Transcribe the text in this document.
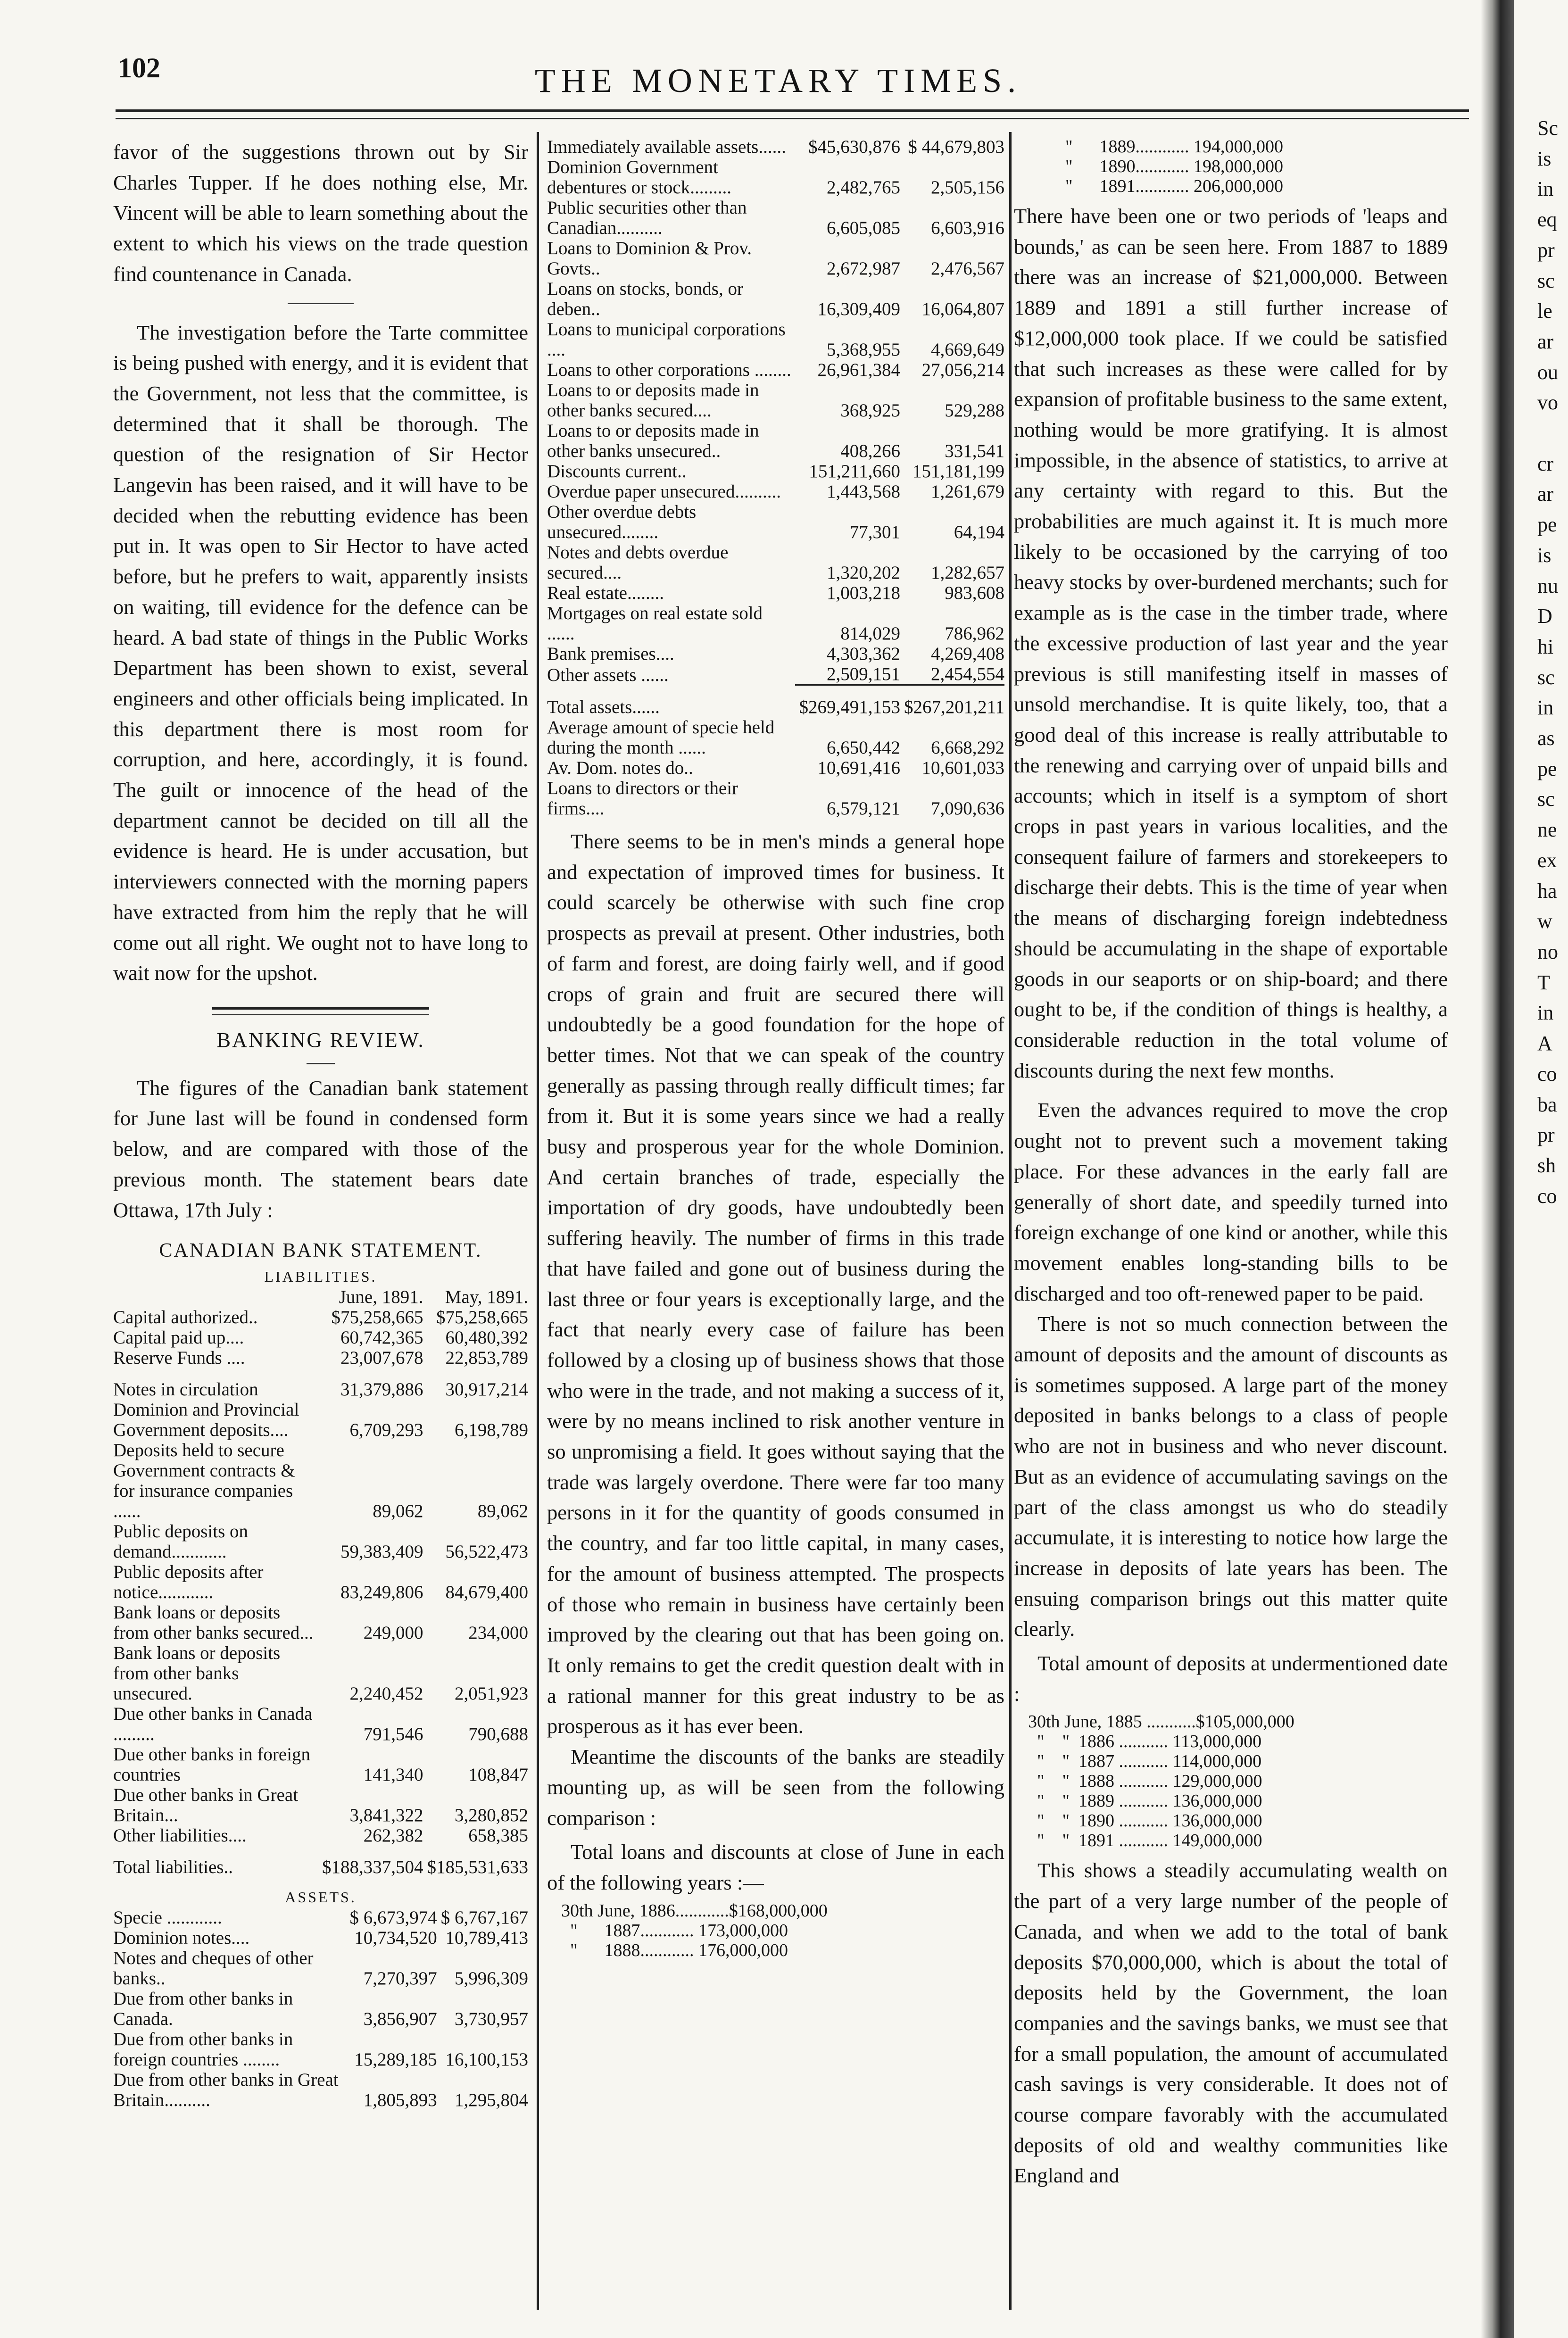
102	THE MONETARY TIMES.

favor of the suggestions thrown out by Sir Charles Tupper. If he does nothing else, Mr. Vincent will be able to learn something about the extent to which his views on the trade question find countenance in Canada.

The investigation before the Tarte committee is being pushed with energy, and it is evident that the Government, not less that the committee, is determined that it shall be thorough. The question of the resignation of Sir Hector Langevin has been raised, and it will have to be decided when the rebutting evidence has been put in. It was open to Sir Hector to have acted before, but he prefers to wait, apparently insists on waiting, till evidence for the defence can be heard. A bad state of things in the Public Works Department has been shown to exist, several engineers and other officials being implicated. In this department there is most room for corruption, and here, accordingly, it is found. The guilt or innocence of the head of the department cannot be decided on till all the evidence is heard. He is under accusation, but interviewers connected with the morning papers have extracted from him the reply that he will come out all right. We ought not to have long to wait now for the upshot.

BANKING REVIEW.

The figures of the Canadian bank statement for June last will be found in condensed form below, and are compared with those of the previous month. The statement bears date Ottawa, 17th July :

CANADIAN BANK STATEMENT.
LIABILITIES.
	June, 1891.	May, 1891.
Capital authorized..	$75,258,665	$75,258,665
Capital paid up....	60,742,365	60,480,392
Reserve Funds ....	23,007,678	22,853,789
Notes in circulation	31,379,886	30,917,214
Dominion and Provincial Government deposits....	6,709,293	6,198,789
Deposits held to secure Government contracts & for insurance companies ......	89,062	89,062
Public deposits on demand............	59,383,409	56,522,473
Public deposits after notice............	83,249,806	84,679,400
Bank loans or deposits from other banks secured...	249,000	234,000
Bank loans or deposits from other banks unsecured.	2,240,452	2,051,923
Due other banks in Canada .........	791,546	790,688
Due other banks in foreign countries	141,340	108,847
Due other banks in Great Britain...	3,841,322	3,280,852
Other liabilities....	262,382	658,385
Total liabilities..	$188,337,504	$185,531,633
ASSETS.
Specie ............	$ 6,673,974	$ 6,767,167
Dominion notes....	10,734,520	10,789,413
Notes and cheques of other banks..	7,270,397	5,996,309
Due from other banks in Canada.	3,856,907	3,730,957
Due from other banks in foreign countries ........	15,289,185	16,100,153
Due from other banks in Great Britain..........	1,805,893	1,295,804
Immediately available assets......	$45,630,876	$ 44,679,803
Dominion Government debentures or stock.........	2,482,765	2,505,156
Public securities other than Canadian..........	6,605,085	6,603,916
Loans to Dominion & Prov. Govts..	2,672,987	2,476,567
Loans on stocks, bonds, or deben..	16,309,409	16,064,807
Loans to municipal corporations ....	5,368,955	4,669,649
Loans to other corporations ........	26,961,384	27,056,214
Loans to or deposits made in other banks secured....	368,925	529,288
Loans to or deposits made in other banks unsecured..	408,266	331,541
Discounts current..	151,211,660	151,181,199
Overdue paper unsecured..........	1,443,568	1,261,679
Other overdue debts unsecured........	77,301	64,194
Notes and debts overdue secured....	1,320,202	1,282,657
Real estate........	1,003,218	983,608
Mortgages on real estate sold ......	814,029	786,962
Bank premises....	4,303,362	4,269,408
Other assets ......	2,509,151	2,454,554
Total assets......	$269,491,153	$267,201,211
Average amount of specie held during the month ......	6,650,442	6,668,292
Av. Dom. notes do..	10,691,416	10,601,033
Loans to directors or their firms....	6,579,121	7,090,636

There seems to be in men's minds a general hope and expectation of improved times for business. It could scarcely be otherwise with such fine crop prospects as prevail at present. Other industries, both of farm and forest, are doing fairly well, and if good crops of grain and fruit are secured there will undoubtedly be a good foundation for the hope of better times. Not that we can speak of the country generally as passing through really difficult times; far from it. But it is some years since we had a really busy and prosperous year for the whole Dominion. And certain branches of trade, especially the importation of dry goods, have undoubtedly been suffering heavily. The number of firms in this trade that have failed and gone out of business during the last three or four years is exceptionally large, and the fact that nearly every case of failure has been followed by a closing up of business shows that those who were in the trade, and not making a success of it, were by no means inclined to risk another venture in so unpromising a field. It goes without saying that the trade was largely overdone. There were far too many persons in it for the quantity of goods consumed in the country, and far too little capital, in many cases, for the amount of business attempted. The prospects of those who remain in business have certainly been improved by the clearing out that has been going on. It only remains to get the credit question dealt with in a rational manner for this great industry to be as prosperous as it has ever been.

Meantime the discounts of the banks are steadily mounting up, as will be seen from the following comparison :

Total loans and discounts at close of June in each of the following years :—

30th June, 1886............$168,000,000
"      1887............ 173,000,000
"      1888............ 176,000,000
"      1889............ 194,000,000
"      1890............ 198,000,000
"      1891............ 206,000,000

There have been one or two periods of 'leaps and bounds,' as can be seen here. From 1887 to 1889 there was an increase of $21,000,000. Between 1889 and 1891 a still further increase of $12,000,000 took place. If we could be satisfied that such increases as these were called for by expansion of profitable business to the same extent, nothing would be more gratifying. It is almost impossible, in the absence of statistics, to arrive at any certainty with regard to this. But the probabilities are much against it. It is much more likely to be occasioned by the carrying of too heavy stocks by over-burdened merchants; such for example as is the case in the timber trade, where the excessive production of last year and the year previous is still manifesting itself in masses of unsold merchandise. It is quite likely, too, that a good deal of this increase is really attributable to the renewing and carrying over of unpaid bills and accounts; which in itself is a symptom of short crops in past years in various localities, and the consequent failure of farmers and storekeepers to discharge their debts. This is the time of year when the means of discharging foreign indebtedness should be accumulating in the shape of exportable goods in our seaports or on ship-board; and there ought to be, if the condition of things is healthy, a considerable reduction in the total volume of discounts during the next few months.

Even the advances required to move the crop ought not to prevent such a movement taking place. For these advances in the early fall are generally of short date, and speedily turned into foreign exchange of one kind or another, while this movement enables long-standing bills to be discharged and too oft-renewed paper to be paid.

There is not so much connection between the amount of deposits and the amount of discounts as is sometimes supposed. A large part of the money deposited in banks belongs to a class of people who are not in business and who never discount. But as an evidence of accumulating savings on the part of the class amongst us who do steadily accumulate, it is interesting to notice how large the increase in deposits of late years has been. The ensuing comparison brings out this matter quite clearly.

Total amount of deposits at undermentioned date :

30th June, 1885 ...........$105,000,000
"    "  1886 ........... 113,000,000
"    "  1887 ........... 114,000,000
"    "  1888 ........... 129,000,000
"    "  1889 ........... 136,000,000
"    "  1890 ........... 136,000,000
"    "  1891 ........... 149,000,000

This shows a steadily accumulating wealth on the part of a very large number of the people of Canada, and when we add to the total of bank deposits $70,000,000, which is about the total of deposits held by the Government, the loan companies and the savings banks, we must see that for a small population, the amount of accumulated cash savings is very considerable. It does not of course compare favorably with the accumulated deposits of old and wealthy communities like England and

Sc
is
in
eq
pr
sc
le
ar
ou
vo

cr
ar
pe
is
nu
D
hi
sc
in
as
pe
sc
ne
ex
ha
w
no
T
in
A
co
ba
pr
sh
co
